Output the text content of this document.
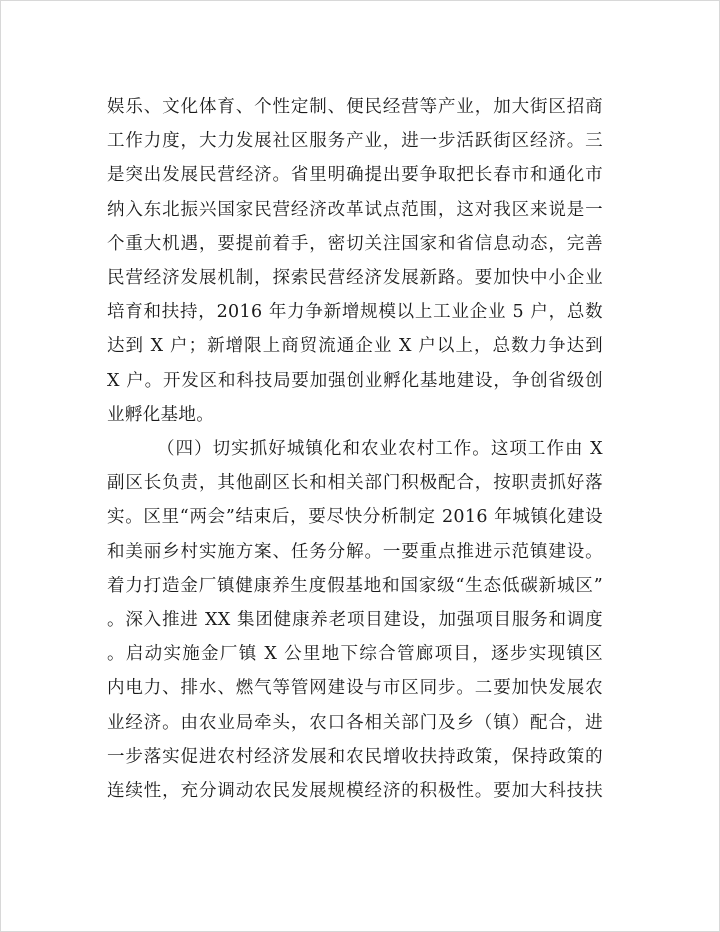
娱乐、文化体育、个性定制、便民经营等产业，加大街区招商
工作力度，大力发展社区服务产业，进一步活跃街区经济。三
是突出发展民营经济。省里明确提出要争取把长春市和通化市
纳入东北振兴国家民营经济改革试点范围，这对我区来说是一
个重大机遇，要提前着手，密切关注国家和省信息动态，完善
民营经济发展机制，探索民营经济发展新路。要加快中小企业
培育和扶持，2016 年力争新增规模以上工业企业 5 户，总数
达到 X 户；新增限上商贸流通企业 X 户以上，总数力争达到
X 户。开发区和科技局要加强创业孵化基地建设，争创省级创
业孵化基地。
（四）切实抓好城镇化和农业农村工作。这项工作由 X
副区长负责，其他副区长和相关部门积极配合，按职责抓好落
实。区里“两会”结束后，要尽快分析制定 2016 年城镇化建设
和美丽乡村实施方案、任务分解。一要重点推进示范镇建设。
着力打造金厂镇健康养生度假基地和国家级“生态低碳新城区”
。深入推进 XX 集团健康养老项目建设，加强项目服务和调度
。启动实施金厂镇 X 公里地下综合管廊项目，逐步实现镇区
内电力、排水、燃气等管网建设与市区同步。二要加快发展农
业经济。由农业局牵头，农口各相关部门及乡（镇）配合，进
一步落实促进农村经济发展和农民增收扶持政策，保持政策的
连续性，充分调动农民发展规模经济的积极性。要加大科技扶
